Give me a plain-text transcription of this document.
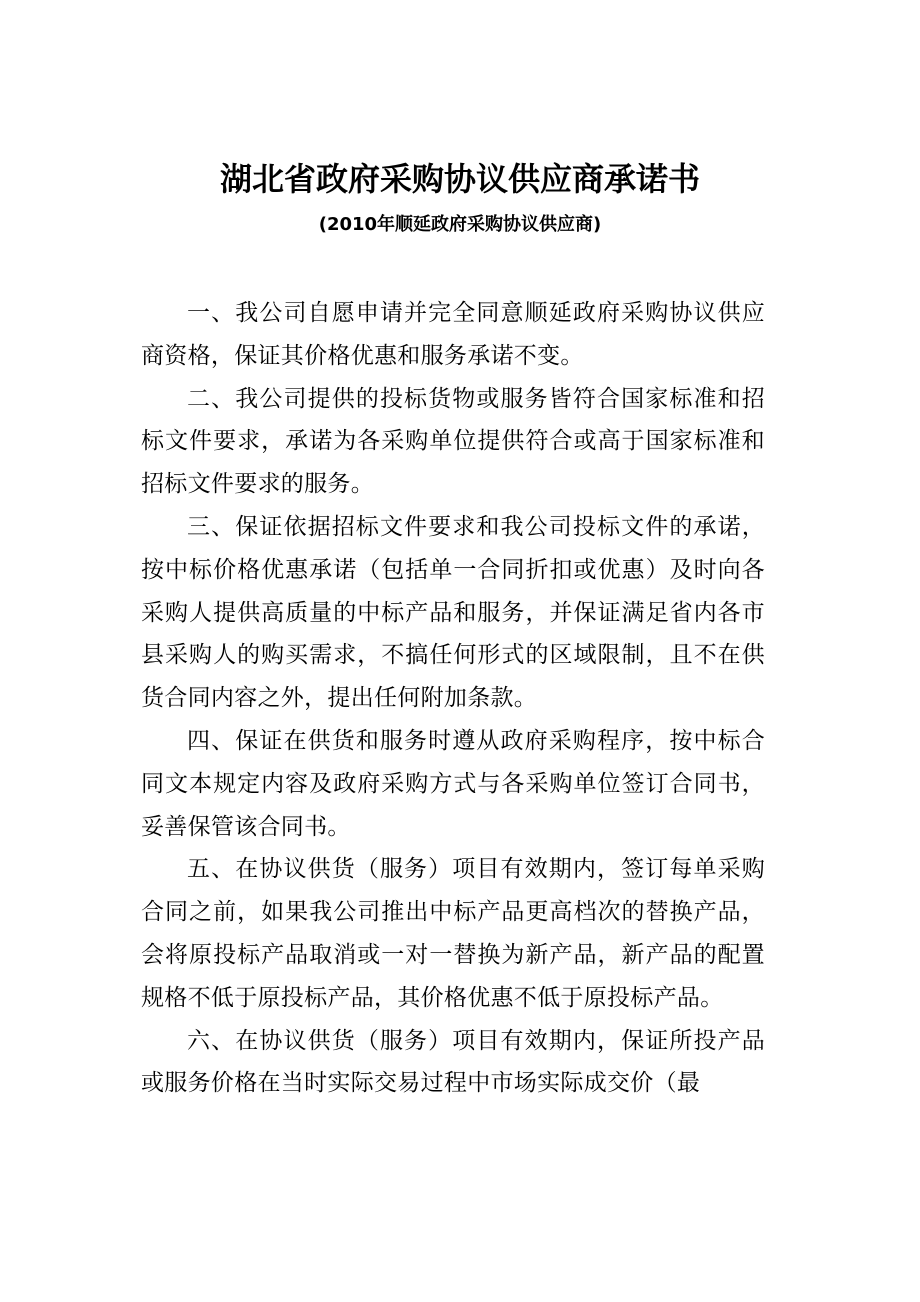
湖北省政府采购协议供应商承诺书
(2010年顺延政府采购协议供应商)

一、我公司自愿申请并完全同意顺延政府采购协议供应商资格，保证其价格优惠和服务承诺不变。

二、我公司提供的投标货物或服务皆符合国家标准和招标文件要求，承诺为各采购单位提供符合或高于国家标准和招标文件要求的服务。

三、保证依据招标文件要求和我公司投标文件的承诺，按中标价格优惠承诺（包括单一合同折扣或优惠）及时向各采购人提供高质量的中标产品和服务，并保证满足省内各市县采购人的购买需求，不搞任何形式的区域限制，且不在供货合同内容之外，提出任何附加条款。

四、保证在供货和服务时遵从政府采购程序，按中标合同文本规定内容及政府采购方式与各采购单位签订合同书，妥善保管该合同书。

五、在协议供货（服务）项目有效期内，签订每单采购合同之前，如果我公司推出中标产品更高档次的替换产品，会将原投标产品取消或一对一替换为新产品，新产品的配置规格不低于原投标产品，其价格优惠不低于原投标产品。

六、在协议供货（服务）项目有效期内，保证所投产品或服务价格在当时实际交易过程中市场实际成交价（最
